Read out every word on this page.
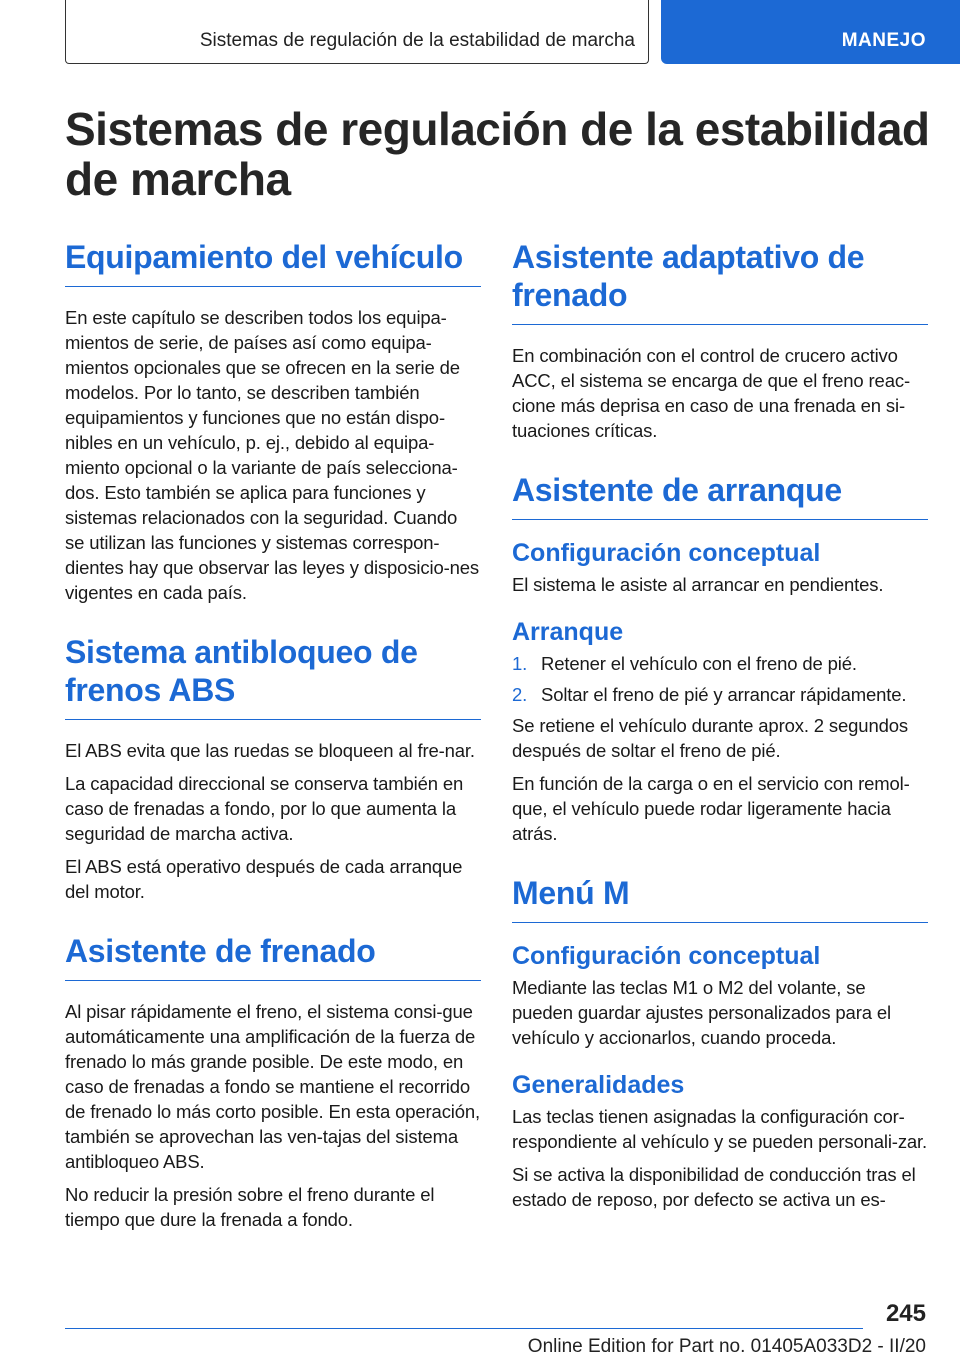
Sistemas de regulación de la estabilidad de marcha	MANEJO
Sistemas de regulación de la estabilidad de marcha
Equipamiento del vehículo

En este capítulo se describen todos los equipa-mientos de serie, de países así como equipa-mientos opcionales que se ofrecen en la serie de modelos. Por lo tanto, se describen también equipamientos y funciones que no están dispo-nibles en un vehículo, p. ej., debido al equipa-miento opcional o la variante de país selecciona-dos. Esto también se aplica para funciones y sistemas relacionados con la seguridad. Cuando se utilizan las funciones y sistemas correspon-dientes hay que observar las leyes y disposicio-nes vigentes en cada país.

Sistema antibloqueo de frenos ABS

El ABS evita que las ruedas se bloqueen al fre-nar.

La capacidad direccional se conserva también en caso de frenadas a fondo, por lo que aumenta la seguridad de marcha activa.

El ABS está operativo después de cada arranque del motor.

Asistente de frenado

Al pisar rápidamente el freno, el sistema consi-gue automáticamente una amplificación de la fuerza de frenado lo más grande posible. De este modo, en caso de frenadas a fondo se mantiene el recorrido de frenado lo más corto posible. En esta operación, también se aprovechan las ven-tajas del sistema antibloqueo ABS.

No reducir la presión sobre el freno durante el tiempo que dure la frenada a fondo.

Asistente adaptativo de frenado

En combinación con el control de crucero activo ACC, el sistema se encarga de que el freno reac-cione más deprisa en caso de una frenada en si-tuaciones críticas.

Asistente de arranque
Configuración conceptual

El sistema le asiste al arrancar en pendientes.

Arranque
1. Retener el vehículo con el freno de pié.
2. Soltar el freno de pié y arrancar rápidamente.

Se retiene el vehículo durante aprox. 2 segundos después de soltar el freno de pié.

En función de la carga o en el servicio con remol-que, el vehículo puede rodar ligeramente hacia atrás.

Menú M
Configuración conceptual

Mediante las teclas M1 o M2 del volante, se pueden guardar ajustes personalizados para el vehículo y accionarlos, cuando proceda.

Generalidades

Las teclas tienen asignadas la configuración cor-respondiente al vehículo y se pueden personali-zar.

Si se activa la disponibilidad de conducción tras el estado de reposo, por defecto se activa un es-

245
Online Edition for Part no. 01405A033D2 - II/20
